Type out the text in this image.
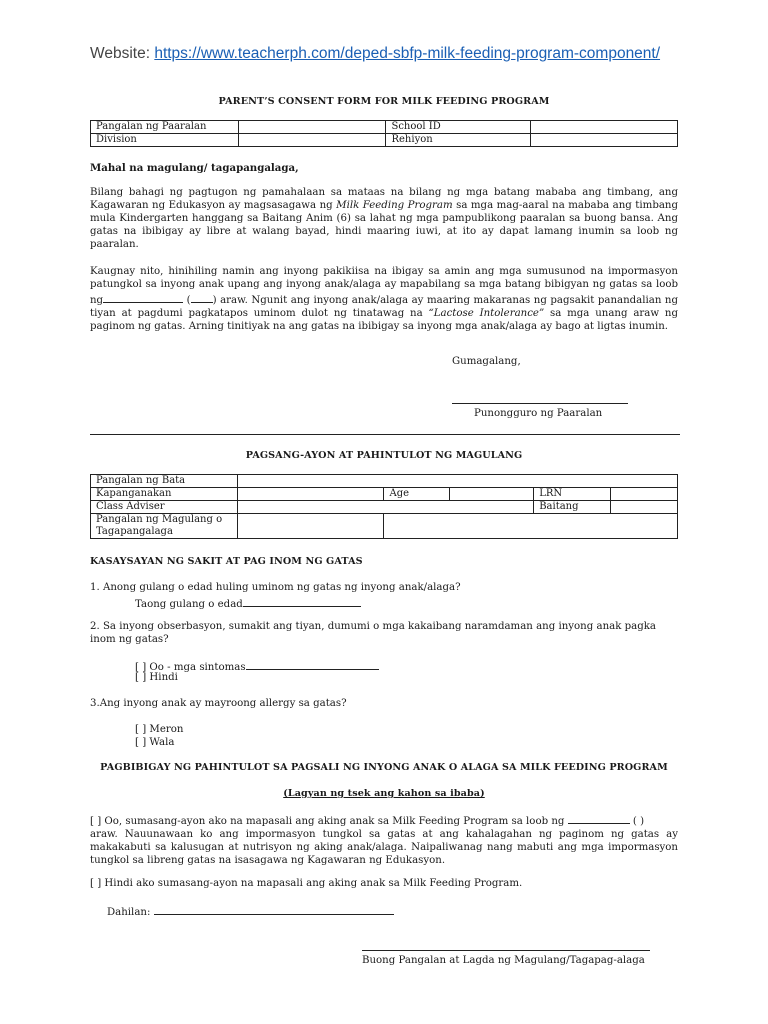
Website: https://www.teacherph.com/deped-sbfp-milk-feeding-program-component/
PARENT’S CONSENT FORM FOR MILK FEEDING PROGRAM
Pangalan ng Paaralan		School ID	
Division		Rehiyon	
Mahal na magulang/ tagapangalaga,
Bilang bahagi ng pagtugon ng pamahalaan sa mataas na bilang ng mga batang mababa ang timbang, ang Kagawaran ng Edukasyon ay magsasagawa ng Milk Feeding Program sa mga mag-aaral na mababa ang timbang mula Kindergarten hanggang sa Baitang Anim (6) sa lahat ng mga pampublikong paaralan sa buong bansa. Ang gatas na ibibigay ay libre at walang bayad, hindi maaring iuwi, at ito ay dapat lamang inumin sa loob ng paaralan.
Kaugnay nito, hinihiling namin ang inyong pakikiisa na ibigay sa amin ang mga sumusunod na impormasyon patungkol sa inyong anak upang ang inyong anak/alaga ay mapabilang sa mga batang bibigyan ng gatas sa loob ng	( ) araw. Ngunit ang inyong anak/alaga ay maaring makaranas ng pagsakit panandalian ng tiyan at pagdumi pagkatapos uminom dulot ng tinatawag na “Lactose Intolerance” sa mga unang araw ng paginom ng gatas. Arning tinitiyak na ang gatas na ibibigay sa inyong mga anak/alaga ay bago at ligtas inumin.
Gumagalang,
Punongguro ng Paaralan
PAGSANG-AYON AT PAHINTULOT NG MAGULANG
Pangalan ng Bata					
Kapanganakan		Age		LRN	
Class Adviser				Baitang	
Pangalan ng Magulang o
Tagapangalaga					
KASAYSAYAN NG SAKIT AT PAG INOM NG GATAS
1. Anong gulang o edad huling uminom ng gatas ng inyong anak/alaga?
Taong gulang o edad
2. Sa inyong obserbasyon, sumakit ang tiyan, dumumi o mga kakaibang naramdaman ang inyong anak pagka inom ng gatas?
[ ] Oo - mga sintomas
[ ] Hindi
3.Ang inyong anak ay mayroong allergy sa gatas?
[ ] Meron
[ ] Wala
PAGBIBIGAY NG PAHINTULOT SA PAGSALI NG INYONG ANAK O ALAGA SA MILK FEEDING PROGRAM
(Lagyan ng tsek ang kahon sa ibaba)
[ ] Oo, sumasang-ayon ako na mapasali ang aking anak sa Milk Feeding Program sa loob ng	( )
araw. Nauunawaan ko ang impormasyon tungkol sa gatas at ang kahalagahan ng paginom ng gatas ay makakabuti sa kalusugan at nutrisyon ng aking anak/alaga. Naipaliwanag nang mabuti ang mga impormasyon tungkol sa libreng gatas na isasagawa ng Kagawaran ng Edukasyon.
[ ] Hindi ako sumasang-ayon na mapasali ang aking anak sa Milk Feeding Program.
Dahilan:
Buong Pangalan at Lagda ng Magulang/Tagapag-alaga
